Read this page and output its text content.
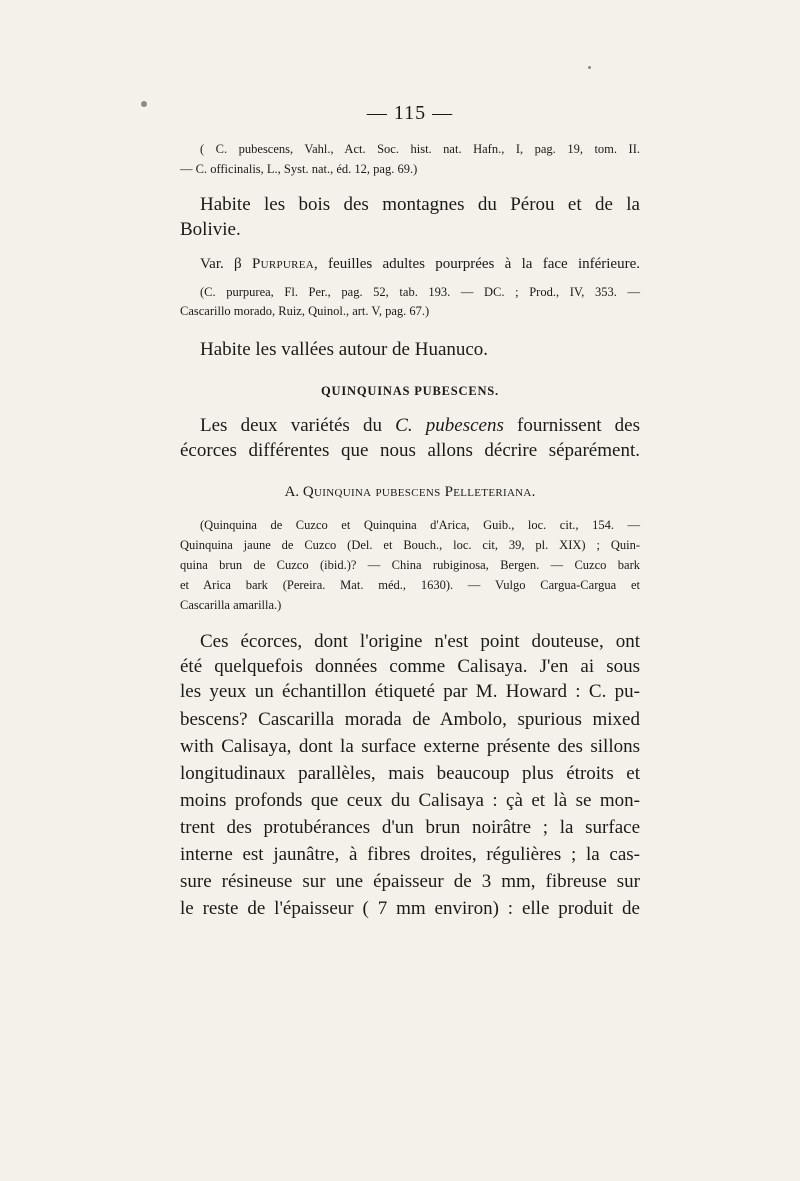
— 115 —
( C. pubescens, Vahl., Act. Soc. hist. nat. Hafn., I, pag. 19, tom. II.
— C. officinalis, L., Syst. nat., éd. 12, pag. 69.)
Habite les bois des montagnes du Pérou et de la
Bolivie.
Var. β Purpurea, feuilles adultes pourprées à la face inférieure.
(C. purpurea, Fl. Per., pag. 52, tab. 193. — DC. ; Prod., IV, 353. —
Cascarillo morado, Ruiz, Quinol., art. V, pag. 67.)
Habite les vallées autour de Huanuco.
QUINQUINAS PUBESCENS.
Les deux variétés du C. pubescens fournissent des
écorces différentes que nous allons décrire séparément.
A. Quinquina pubescens Pelleteriana.
(Quinquina de Cuzco et Quinquina d'Arica, Guib., loc. cit., 154. —
Quinquina jaune de Cuzco (Del. et Bouch., loc. cit, 39, pl. XIX) ; Quin-
quina brun de Cuzco (ibid.)? — China rubiginosa, Bergen. — Cuzco bark
et Arica bark (Pereira. Mat. méd., 1630). — Vulgo Cargua-Cargua et
Cascarilla amarilla.)
Ces écorces, dont l'origine n'est point douteuse, ont
été quelquefois données comme Calisaya. J'en ai sous
les yeux un échantillon étiqueté par M. Howard : C. pu-
bescens? Cascarilla morada de Ambolo, spurious mixed
with Calisaya, dont la surface externe présente des sillons
longitudinaux parallèles, mais beaucoup plus étroits et
moins profonds que ceux du Calisaya : çà et là se mon-
trent des protubérances d'un brun noirâtre ; la surface
interne est jaunâtre, à fibres droites, régulières ; la cas-
sure résineuse sur une épaisseur de 3 mm, fibreuse sur
le reste de l'épaisseur ( 7 mm environ) : elle produit de
